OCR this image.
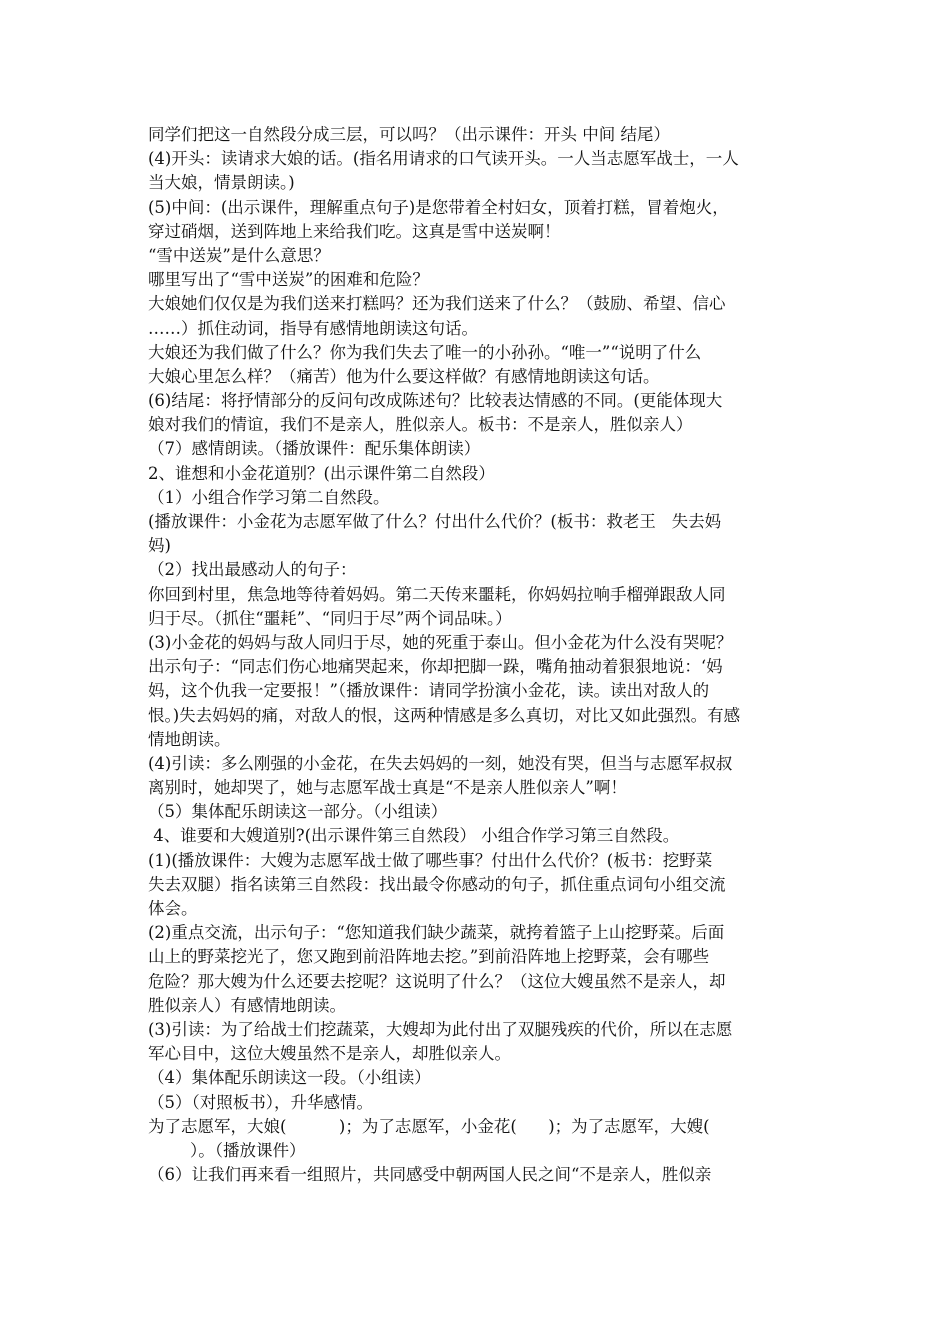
同学们把这一自然段分成三层，可以吗？（出示课件：开头 中间 结尾）
(4)开头：读请求大娘的话。(指名用请求的口气读开头。一人当志愿军战士，一人
当大娘，情景朗读。)
(5)中间：(出示课件，理解重点句子)是您带着全村妇女，顶着打糕，冒着炮火，
穿过硝烟，送到阵地上来给我们吃。这真是雪中送炭啊！
“雪中送炭”是什么意思？
哪里写出了“雪中送炭”的困难和危险？
大娘她们仅仅是为我们送来打糕吗？还为我们送来了什么？（鼓励、希望、信心
……）抓住动词，指导有感情地朗读这句话。
大娘还为我们做了什么？你为我们失去了唯一的小孙孙。“唯一”“说明了什么
大娘心里怎么样？（痛苦）他为什么要这样做？有感情地朗读这句话。
(6)结尾：将抒情部分的反问句改成陈述句？比较表达情感的不同。(更能体现大
娘对我们的情谊，我们不是亲人，胜似亲人。板书：不是亲人，胜似亲人）
（7）感情朗读。（播放课件：配乐集体朗读）
2、谁想和小金花道别？(出示课件第二自然段）
（1）小组合作学习第二自然段。
(播放课件：小金花为志愿军做了什么？付出什么代价？(板书：救老王   失去妈
妈)
（2）找出最感动人的句子：
你回到村里，焦急地等待着妈妈。第二天传来噩耗，你妈妈拉响手榴弹跟敌人同
归于尽。（抓住“噩耗”、“同归于尽”两个词品味。）
(3)小金花的妈妈与敌人同归于尽，她的死重于泰山。但小金花为什么没有哭呢？
出示句子：“同志们伤心地痛哭起来，你却把脚一跺，嘴角抽动着狠狠地说：‘妈
妈，这个仇我一定要报！”（播放课件：请同学扮演小金花，读。读出对敌人的
恨。)失去妈妈的痛，对敌人的恨，这两种情感是多么真切，对比又如此强烈。有感
情地朗读。
(4)引读：多么刚强的小金花，在失去妈妈的一刻，她没有哭，但当与志愿军叔叔
离别时，她却哭了，她与志愿军战士真是“不是亲人胜似亲人”啊！
（5）集体配乐朗读这一部分。（小组读）
4、谁要和大嫂道别?(出示课件第三自然段） 小组合作学习第三自然段。
(1)(播放课件：大嫂为志愿军战士做了哪些事？付出什么代价？(板书：挖野菜
失去双腿）指名读第三自然段：找出最令你感动的句子，抓住重点词句小组交流
体会。
(2)重点交流，出示句子：“您知道我们缺少蔬菜，就挎着篮子上山挖野菜。后面
山上的野菜挖光了，您又跑到前沿阵地去挖。”到前沿阵地上挖野菜，会有哪些
危险？那大嫂为什么还要去挖呢？这说明了什么？（这位大嫂虽然不是亲人，却
胜似亲人）有感情地朗读。
(3)引读：为了给战士们挖蔬菜，大嫂却为此付出了双腿残疾的代价，所以在志愿
军心目中，这位大嫂虽然不是亲人，却胜似亲人。
（4）集体配乐朗读这一段。（小组读）
（5）（对照板书），升华感情。
为了志愿军，大娘(          )；为了志愿军，小金花(      )；为了志愿军，大嫂(
）。（播放课件）
（6）让我们再来看一组照片，共同感受中朝两国人民之间“不是亲人，胜似亲
